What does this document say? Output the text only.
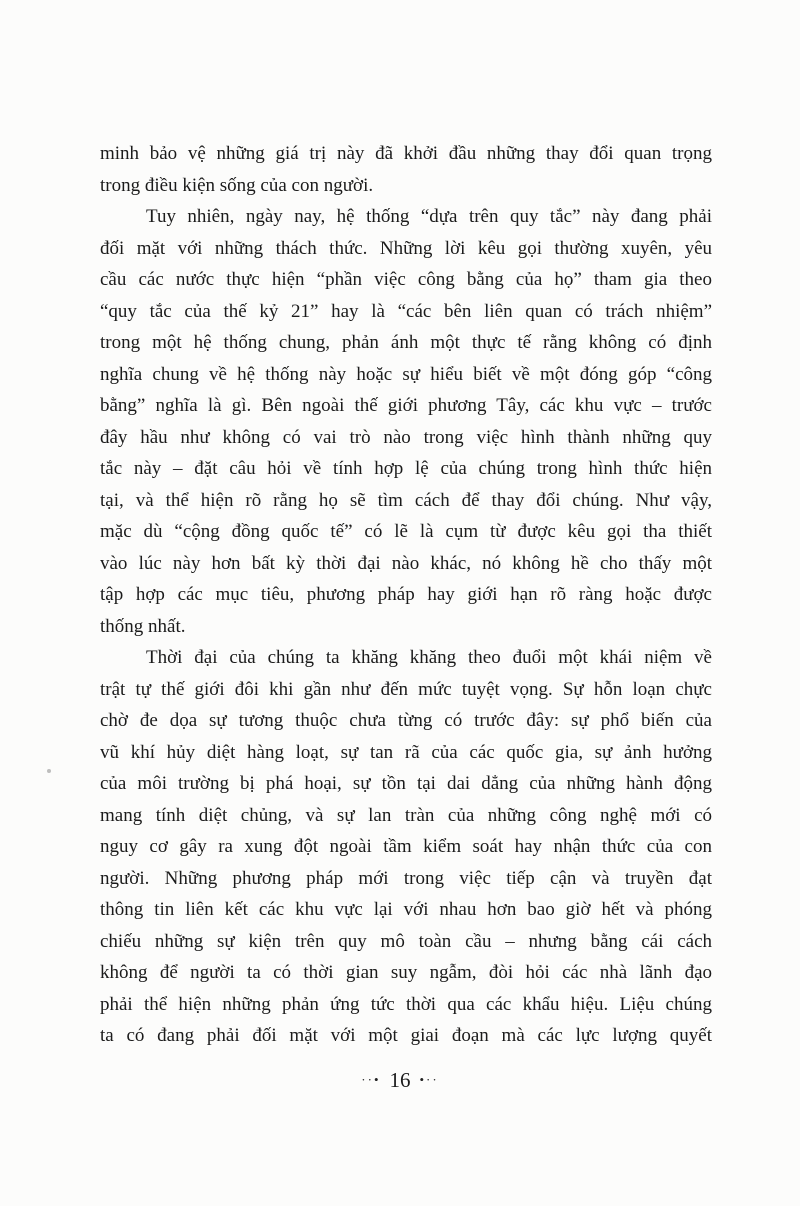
minh bảo vệ những giá trị này đã khởi đầu những thay đổi quan trọng
trong điều kiện sống của con người.
Tuy nhiên, ngày nay, hệ thống “dựa trên quy tắc” này đang phải
đối mặt với những thách thức. Những lời kêu gọi thường xuyên, yêu
cầu các nước thực hiện “phần việc công bằng của họ” tham gia theo
“quy tắc của thế kỷ 21” hay là “các bên liên quan có trách nhiệm”
trong một hệ thống chung, phản ánh một thực tế rằng không có định
nghĩa chung về hệ thống này hoặc sự hiểu biết về một đóng góp “công
bằng” nghĩa là gì. Bên ngoài thế giới phương Tây, các khu vực – trước
đây hầu như không có vai trò nào trong việc hình thành những quy
tắc này – đặt câu hỏi về tính hợp lệ của chúng trong hình thức hiện
tại, và thể hiện rõ rằng họ sẽ tìm cách để thay đổi chúng. Như vậy,
mặc dù “cộng đồng quốc tế” có lẽ là cụm từ được kêu gọi tha thiết
vào lúc này hơn bất kỳ thời đại nào khác, nó không hề cho thấy một
tập hợp các mục tiêu, phương pháp hay giới hạn rõ ràng hoặc được
thống nhất.
Thời đại của chúng ta khăng khăng theo đuổi một khái niệm về
trật tự thế giới đôi khi gần như đến mức tuyệt vọng. Sự hỗn loạn chực
chờ đe dọa sự tương thuộc chưa từng có trước đây: sự phổ biến của
vũ khí hủy diệt hàng loạt, sự tan rã của các quốc gia, sự ảnh hưởng
của môi trường bị phá hoại, sự tồn tại dai dẳng của những hành động
mang tính diệt chủng, và sự lan tràn của những công nghệ mới có
nguy cơ gây ra xung đột ngoài tầm kiểm soát hay nhận thức của con
người. Những phương pháp mới trong việc tiếp cận và truyền đạt
thông tin liên kết các khu vực lại với nhau hơn bao giờ hết và phóng
chiếu những sự kiện trên quy mô toàn cầu – nhưng bằng cái cách
không để người ta có thời gian suy ngẫm, đòi hỏi các nhà lãnh đạo
phải thể hiện những phản ứng tức thời qua các khẩu hiệu. Liệu chúng
ta có đang phải đối mặt với một giai đoạn mà các lực lượng quyết
··• 16 •··
